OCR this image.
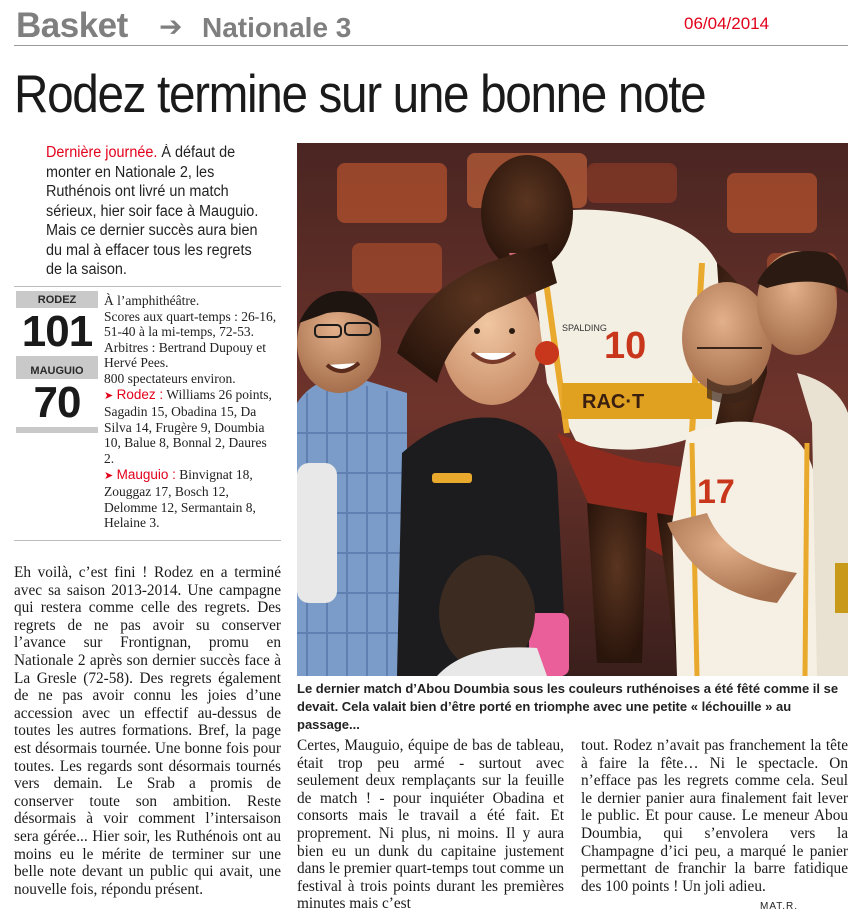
Basket ➔ Nationale 3	06/04/2014
Rodez termine sur une bonne note

Dernière journée. À défaut de monter en Nationale 2, les Ruthénois ont livré un match sérieux, hier soir face à Mauguio. Mais ce dernier succès aura bien du mal à effacer tous les regrets de la saison.

RODEZ
101
MAUGUIO
70
À l’amphithéâtre.
Scores aux quart-temps : 26-16, 51-40 à la mi-temps, 72-53.
Arbitres : Bertrand Dupouy et Hervé Pees.
800 spectateurs environ.
➤ Rodez : Williams 26 points, Sagadin 15, Obadina 15, Da Silva 14, Frugère 9, Doumbia 10, Balue 8, Bonnal 2, Daures 2.
➤ Mauguio : Binvignat 18, Zouggaz 17, Bosch 12, Delomme 12, Sermantain 8, Helaine 3.
RAC·T
10
SPALDING
17

Le dernier match d’Abou Doumbia sous les couleurs ruthénoises a été fêté comme il se devait. Cela valait bien d’être porté en triomphe avec une petite « léchouille » au passage...

Eh voilà, c’est fini ! Rodez en a terminé avec sa saison 2013-2014. Une campagne qui restera comme celle des regrets. Des regrets de ne pas avoir su conserver l’avance sur Frontignan, promu en Nationale 2 après son dernier succès face à La Gresle (72-58). Des regrets également de ne pas avoir connu les joies d’une accession avec un effectif au-dessus de toutes les autres formations. Bref, la page est désormais tournée. Une bonne fois pour toutes. Les regards sont désormais tournés vers demain. Le Srab a promis de conserver toute son ambition. Reste désormais à voir comment l’intersaison sera gérée... Hier soir, les Ruthénois ont au moins eu le mérite de terminer sur une belle note devant un public qui avait, une nouvelle fois, répondu présent.

Certes, Mauguio, équipe de bas de tableau, était trop peu armé - surtout avec seulement deux remplaçants sur la feuille de match ! - pour inquiéter Obadina et consorts mais le travail a été fait. Et proprement. Ni plus, ni moins. Il y aura bien eu un dunk du capitaine justement dans le premier quart-temps tout comme un festival à trois points durant les premières minutes mais c’est

tout. Rodez n’avait pas franchement la tête à faire la fête… Ni le spectacle. On n’efface pas les regrets comme cela. Seul le dernier panier aura finalement fait lever le public. Et pour cause. Le meneur Abou Doumbia, qui s’envolera vers la Champagne d’ici peu, a marqué le panier permettant de franchir la barre fatidique des 100 points ! Un joli adieu.

MAT.R.
